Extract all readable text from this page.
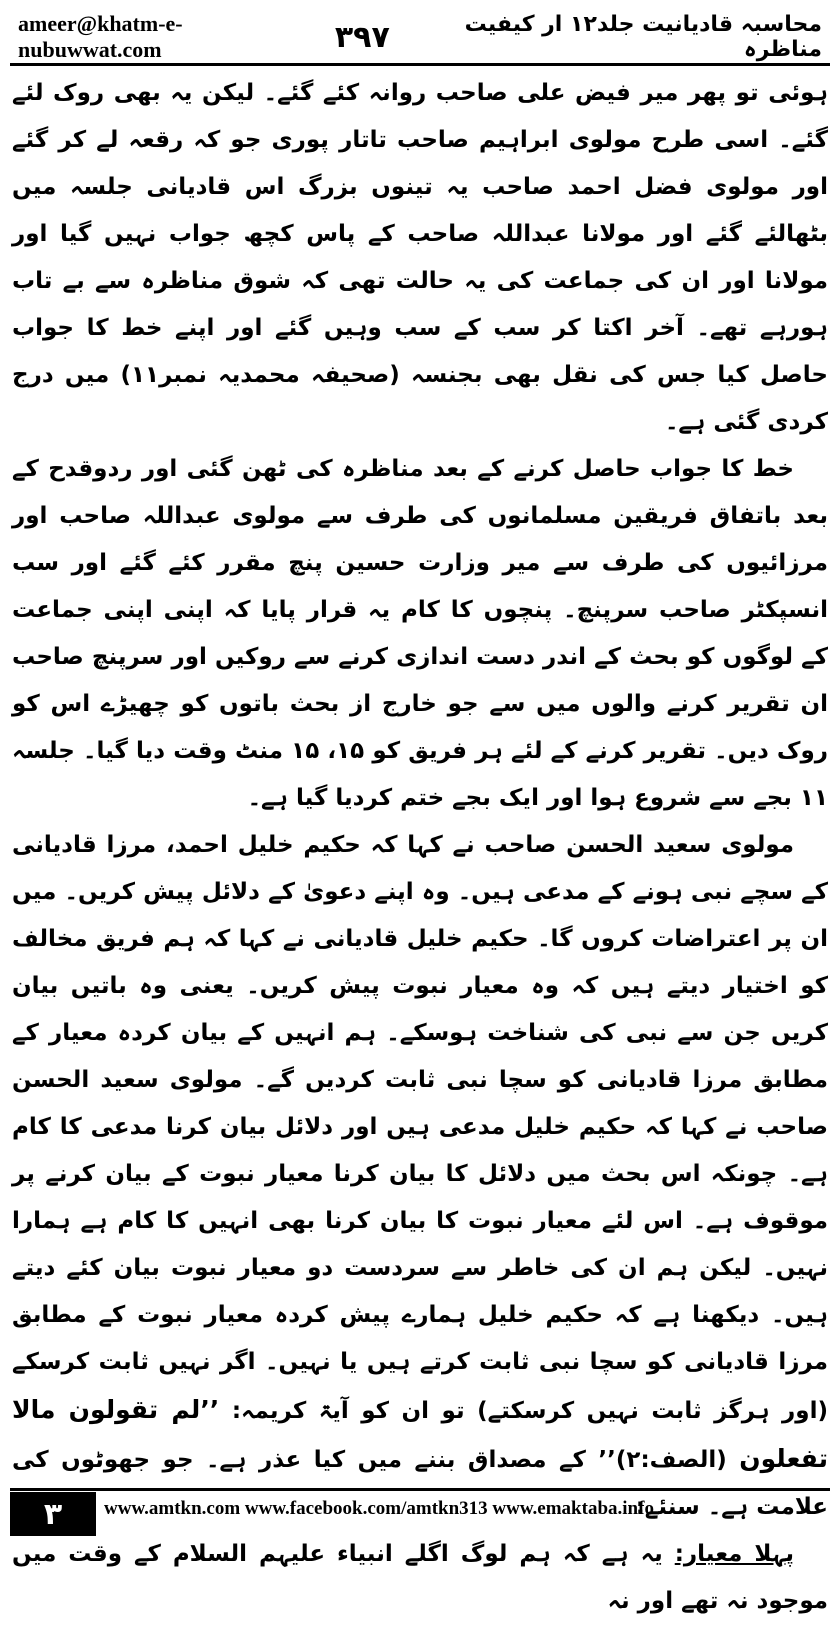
ameer@khatm-e-nubuwwat.com	۳۹۷	محاسبہ قادیانیت جلد۱۲ ار کیفیت مناظرہ

ہوئی تو پھر میر فیض علی صاحب روانہ کئے گئے۔ لیکن یہ بھی روک لئے گئے۔ اسی طرح مولوی ابراہیم صاحب تاتار پوری جو کہ رقعہ لے کر گئے اور مولوی فضل احمد صاحب یہ تینوں بزرگ اس قادیانی جلسہ میں بٹھالئے گئے اور مولانا عبداللہ صاحب کے پاس کچھ جواب نہیں گیا اور مولانا اور ان کی جماعت کی یہ حالت تھی کہ شوق مناظرہ سے بے تاب ہورہے تھے۔ آخر اکتا کر سب کے سب وہیں گئے اور اپنے خط کا جواب حاصل کیا جس کی نقل بھی بجنسہ (صحیفہ محمدیہ نمبر۱۱) میں درج کردی گئی ہے۔

خط کا جواب حاصل کرنے کے بعد مناظرہ کی ٹھن گئی اور ردوقدح کے بعد باتفاق فریقین مسلمانوں کی طرف سے مولوی عبداللہ صاحب اور مرزائیوں کی طرف سے میر وزارت حسین پنچ مقرر کئے گئے اور سب انسپکٹر صاحب سرپنچ۔ پنچوں کا کام یہ قرار پایا کہ اپنی اپنی جماعت کے لوگوں کو بحث کے اندر دست اندازی کرنے سے روکیں اور سرپنچ صاحب ان تقریر کرنے والوں میں سے جو خارج از بحث باتوں کو چھیڑے اس کو روک دیں۔ تقریر کرنے کے لئے ہر فریق کو ۱۵، ۱۵ منٹ وقت دیا گیا۔ جلسہ ۱۱ بجے سے شروع ہوا اور ایک بجے ختم کردیا گیا ہے۔

مولوی سعید الحسن صاحب نے کہا کہ حکیم خلیل احمد، مرزا قادیانی کے سچے نبی ہونے کے مدعی ہیں۔ وہ اپنے دعویٰ کے دلائل پیش کریں۔ میں ان پر اعتراضات کروں گا۔ حکیم خلیل قادیانی نے کہا کہ ہم فریق مخالف کو اختیار دیتے ہیں کہ وہ معیار نبوت پیش کریں۔ یعنی وہ باتیں بیان کریں جن سے نبی کی شناخت ہوسکے۔ ہم انہیں کے بیان کردہ معیار کے مطابق مرزا قادیانی کو سچا نبی ثابت کردیں گے۔ مولوی سعید الحسن صاحب نے کہا کہ حکیم خلیل مدعی ہیں اور دلائل بیان کرنا مدعی کا کام ہے۔ چونکہ اس بحث میں دلائل کا بیان کرنا معیار نبوت کے بیان کرنے پر موقوف ہے۔ اس لئے معیار نبوت کا بیان کرنا بھی انہیں کا کام ہے ہمارا نہیں۔ لیکن ہم ان کی خاطر سے سردست دو معیار نبوت بیان کئے دیتے ہیں۔ دیکھنا ہے کہ حکیم خلیل ہمارے پیش کردہ معیار نبوت کے مطابق مرزا قادیانی کو سچا نبی ثابت کرتے ہیں یا نہیں۔ اگر نہیں ثابت کرسکے (اور ہرگز ثابت نہیں کرسکتے) تو ان کو آیۃ کریمہ: ’’لم تقولون مالا تفعلون (الصف:۲)’’ کے مصداق بننے میں کیا عذر ہے۔ جو جھوٹوں کی علامت ہے۔ سنئے:

پہلا معیار: یہ ہے کہ ہم لوگ اگلے انبیاء علیہم السلام کے وقت میں موجود نہ تھے اور نہ

۳	www.amtkn.com www.facebook.com/amtkn313 www.emaktaba.info
